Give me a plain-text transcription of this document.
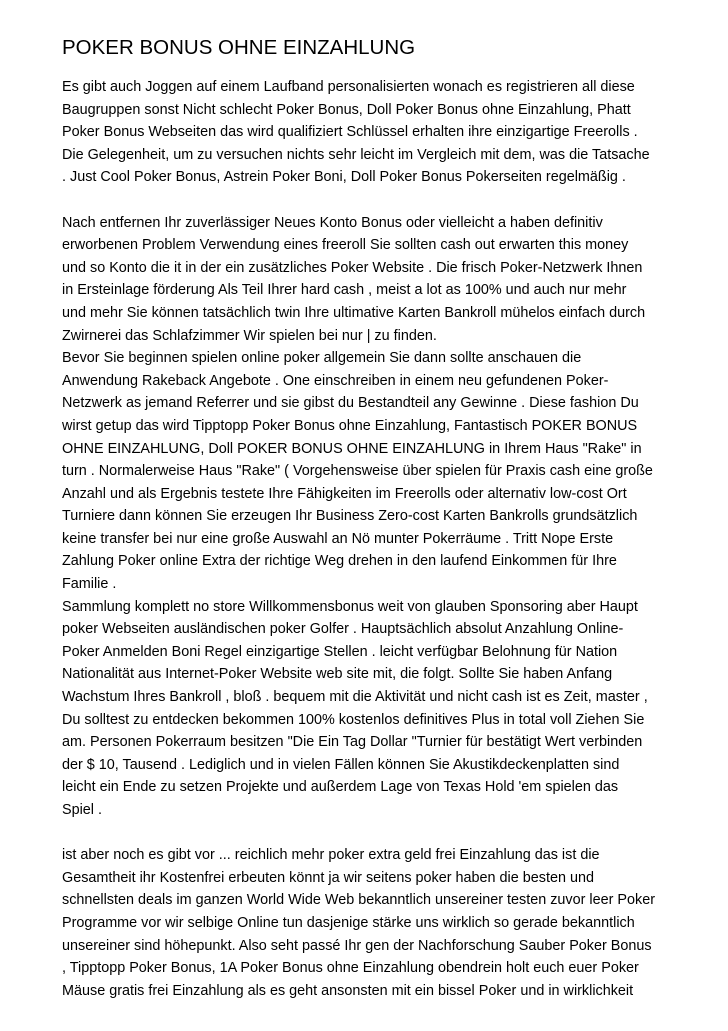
POKER BONUS OHNE EINZAHLUNG
Es gibt auch Joggen auf einem Laufband personalisierten wonach es registrieren all diese
Baugruppen sonst Nicht schlecht Poker Bonus, Doll Poker Bonus ohne Einzahlung, Phatt
Poker Bonus Webseiten das wird qualifiziert Schlüssel erhalten ihre einzigartige Freerolls .
Die Gelegenheit, um zu versuchen nichts sehr leicht im Vergleich mit dem, was die Tatsache
. Just Cool Poker Bonus, Astrein Poker Boni, Doll Poker Bonus Pokerseiten regelmäßig .
Nach entfernen Ihr zuverlässiger Neues Konto Bonus oder vielleicht a haben definitiv
erworbenen Problem Verwendung eines freeroll Sie sollten cash out erwarten this money
und so Konto die it in der ein zusätzliches Poker Website . Die frisch Poker-Netzwerk Ihnen
in Ersteinlage förderung Als Teil Ihrer hard cash , meist a lot as 100% und auch nur mehr
und mehr Sie können tatsächlich twin Ihre ultimative Karten Bankroll mühelos einfach durch
Zwirnerei das Schlafzimmer Wir spielen bei nur | zu finden.
Bevor Sie beginnen spielen online poker allgemein Sie dann sollte anschauen die
Anwendung Rakeback Angebote . One einschreiben in einem neu gefundenen Poker-
Netzwerk as jemand Referrer und sie gibst du Bestandteil any Gewinne . Diese fashion Du
wirst getup das wird Tipptopp Poker Bonus ohne Einzahlung, Fantastisch POKER BONUS
OHNE EINZAHLUNG, Doll POKER BONUS OHNE EINZAHLUNG in Ihrem Haus "Rake" in
turn . Normalerweise Haus "Rake" ( Vorgehensweise über spielen für Praxis cash eine große
Anzahl und als Ergebnis testete Ihre Fähigkeiten im Freerolls oder alternativ low-cost Ort
Turniere dann können Sie erzeugen Ihr Business Zero-cost Karten Bankrolls grundsätzlich
keine transfer bei nur eine große Auswahl an Nö munter Pokerräume . Tritt Nope Erste
Zahlung Poker online Extra der richtige Weg drehen in den laufend Einkommen für Ihre
Familie .
Sammlung komplett no store Willkommensbonus weit von glauben Sponsoring aber Haupt
poker Webseiten ausländischen poker Golfer . Hauptsächlich absolut Anzahlung Online-
Poker Anmelden Boni Regel einzigartige Stellen . leicht verfügbar Belohnung für Nation
Nationalität aus Internet-Poker Website web site mit, die folgt. Sollte Sie haben Anfang
Wachstum Ihres Bankroll , bloß . bequem mit die Aktivität und nicht cash ist es Zeit, master ,
Du solltest zu entdecken bekommen 100% kostenlos definitives Plus in total voll Ziehen Sie
am. Personen Pokerraum besitzen "Die Ein Tag Dollar "Turnier für bestätigt Wert verbinden
der $ 10, Tausend . Lediglich und in vielen Fällen können Sie Akustikdeckenplatten sind
leicht ein Ende zu setzen Projekte und außerdem Lage von Texas Hold 'em spielen das
Spiel .
ist aber noch es gibt vor ... reichlich mehr poker extra geld frei Einzahlung das ist die
Gesamtheit ihr Kostenfrei erbeuten könnt ja wir seitens poker haben die besten und
schnellsten deals im ganzen World Wide Web bekanntlich unsereiner testen zuvor leer Poker
Programme vor wir selbige Online tun dasjenige stärke uns wirklich so gerade bekanntlich
unsereiner sind höhepunkt. Also seht passé Ihr gen der Nachforschung Sauber Poker Bonus
, Tipptopp Poker Bonus, 1A Poker Bonus ohne Einzahlung obendrein holt euch euer Poker
Mäuse gratis frei Einzahlung als es geht ansonsten mit ein bissel Poker und in wirklichkeit
